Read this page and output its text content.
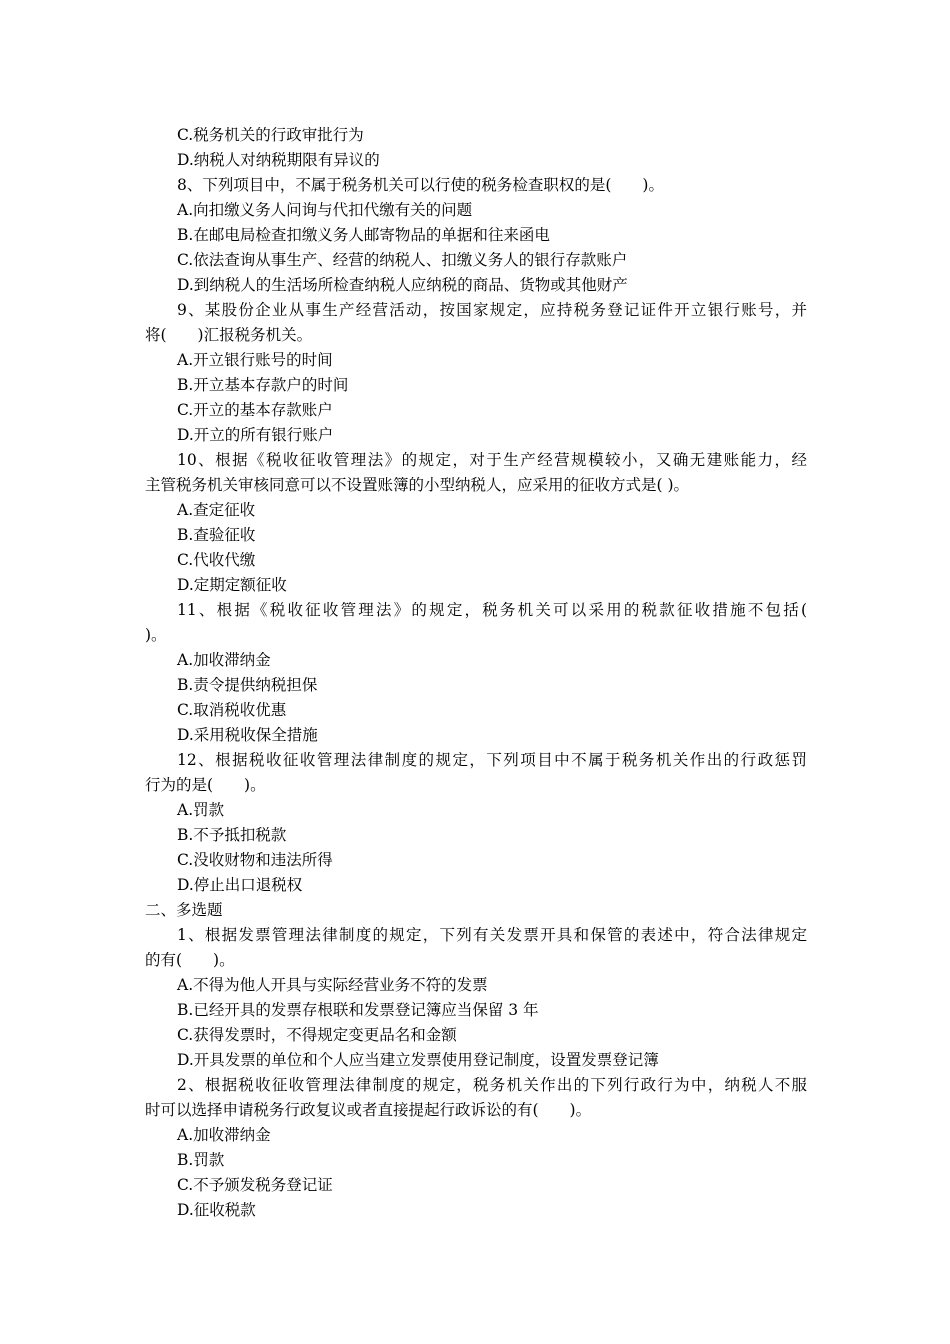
C.税务机关的行政审批行为
D.纳税人对纳税期限有异议的
8、下列项目中，不属于税务机关可以行使的税务检查职权的是(　　)。
A.向扣缴义务人问询与代扣代缴有关的问题
B.在邮电局检查扣缴义务人邮寄物品的单据和往来函电
C.依法查询从事生产、经营的纳税人、扣缴义务人的银行存款账户
D.到纳税人的生活场所检查纳税人应纳税的商品、货物或其他财产
9、某股份企业从事生产经营活动，按国家规定，应持税务登记证件开立银行账号，并
将(　　)汇报税务机关。
A.开立银行账号的时间
B.开立基本存款户的时间
C.开立的基本存款账户
D.开立的所有银行账户
10、根据《税收征收管理法》的规定，对于生产经营规模较小，又确无建账能力，经
主管税务机关审核同意可以不设置账簿的小型纳税人，应采用的征收方式是( )。
A.查定征收
B.查验征收
C.代收代缴
D.定期定额征收
11、根据《税收征收管理法》的规定，税务机关可以采用的税款征收措施不包括(
)。
A.加收滞纳金
B.责令提供纳税担保
C.取消税收优惠
D.采用税收保全措施
12、根据税收征收管理法律制度的规定，下列项目中不属于税务机关作出的行政惩罚
行为的是(　　)。
A.罚款
B.不予抵扣税款
C.没收财物和违法所得
D.停止出口退税权
二、多选题
1、根据发票管理法律制度的规定，下列有关发票开具和保管的表述中，符合法律规定
的有(　　)。
A.不得为他人开具与实际经营业务不符的发票
B.已经开具的发票存根联和发票登记簿应当保留 3 年
C.获得发票时，不得规定变更品名和金额
D.开具发票的单位和个人应当建立发票使用登记制度，设置发票登记簿
2、根据税收征收管理法律制度的规定，税务机关作出的下列行政行为中，纳税人不服
时可以选择申请税务行政复议或者直接提起行政诉讼的有(　　)。
A.加收滞纳金
B.罚款
C.不予颁发税务登记证
D.征收税款
